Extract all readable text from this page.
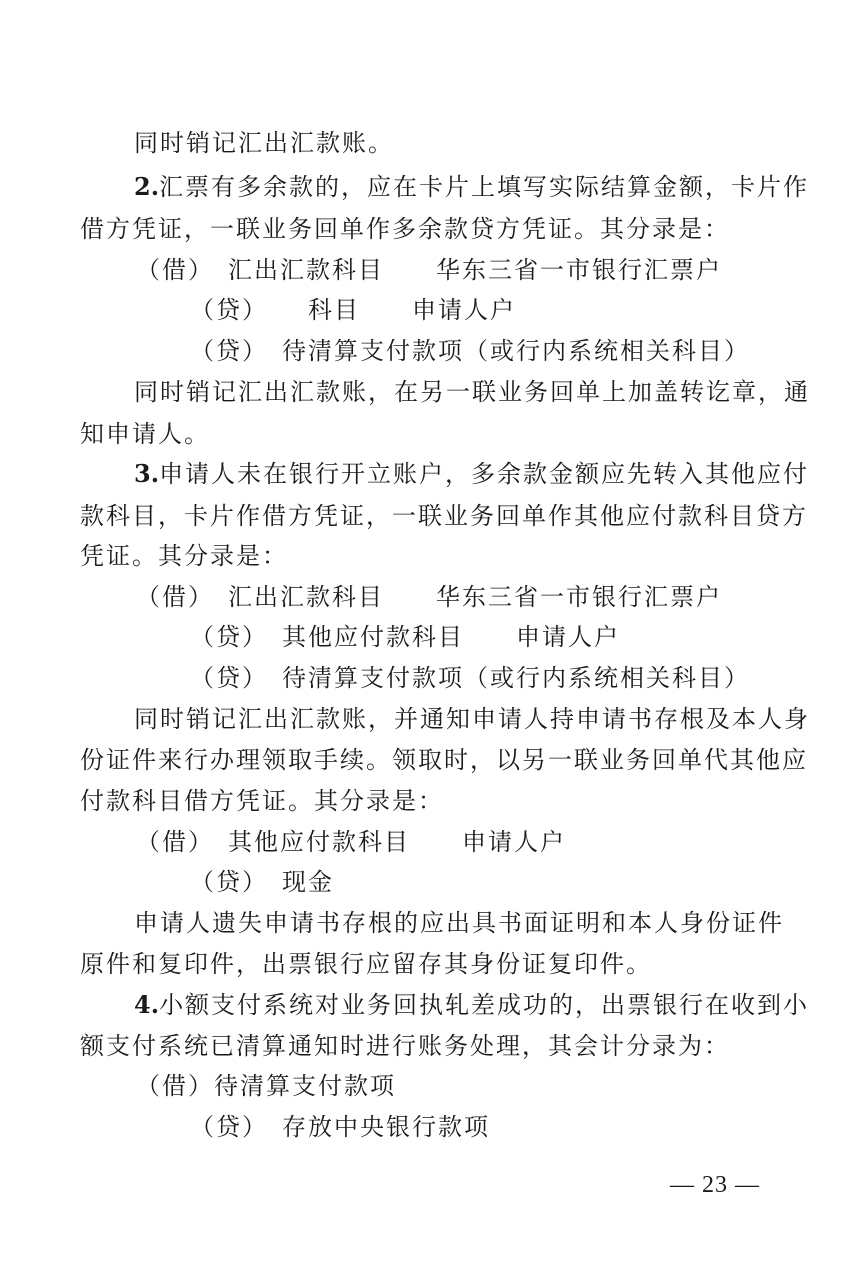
同时销记汇出汇款账。
2.汇票有多余款的，应在卡片上填写实际结算金额，卡片作
借方凭证，一联业务回单作多余款贷方凭证。其分录是：
（借）　汇出汇款科目　　华东三省一市银行汇票户
（贷）　　科目　　申请人户
（贷）　待清算支付款项（或行内系统相关科目）
同时销记汇出汇款账，在另一联业务回单上加盖转讫章，通
知申请人。
3.申请人未在银行开立账户，多余款金额应先转入其他应付
款科目，卡片作借方凭证，一联业务回单作其他应付款科目贷方
凭证。其分录是：
（借）　汇出汇款科目　　华东三省一市银行汇票户
（贷）　其他应付款科目　　申请人户
（贷）　待清算支付款项（或行内系统相关科目）
同时销记汇出汇款账，并通知申请人持申请书存根及本人身
份证件来行办理领取手续。领取时，以另一联业务回单代其他应
付款科目借方凭证。其分录是：
（借）　其他应付款科目　　申请人户
（贷）　现金
申请人遗失申请书存根的应出具书面证明和本人身份证件
原件和复印件，出票银行应留存其身份证复印件。
4.小额支付系统对业务回执轧差成功的，出票银行在收到小
额支付系统已清算通知时进行账务处理，其会计分录为：
（借）待清算支付款项
（贷）　存放中央银行款项
— 23 —
